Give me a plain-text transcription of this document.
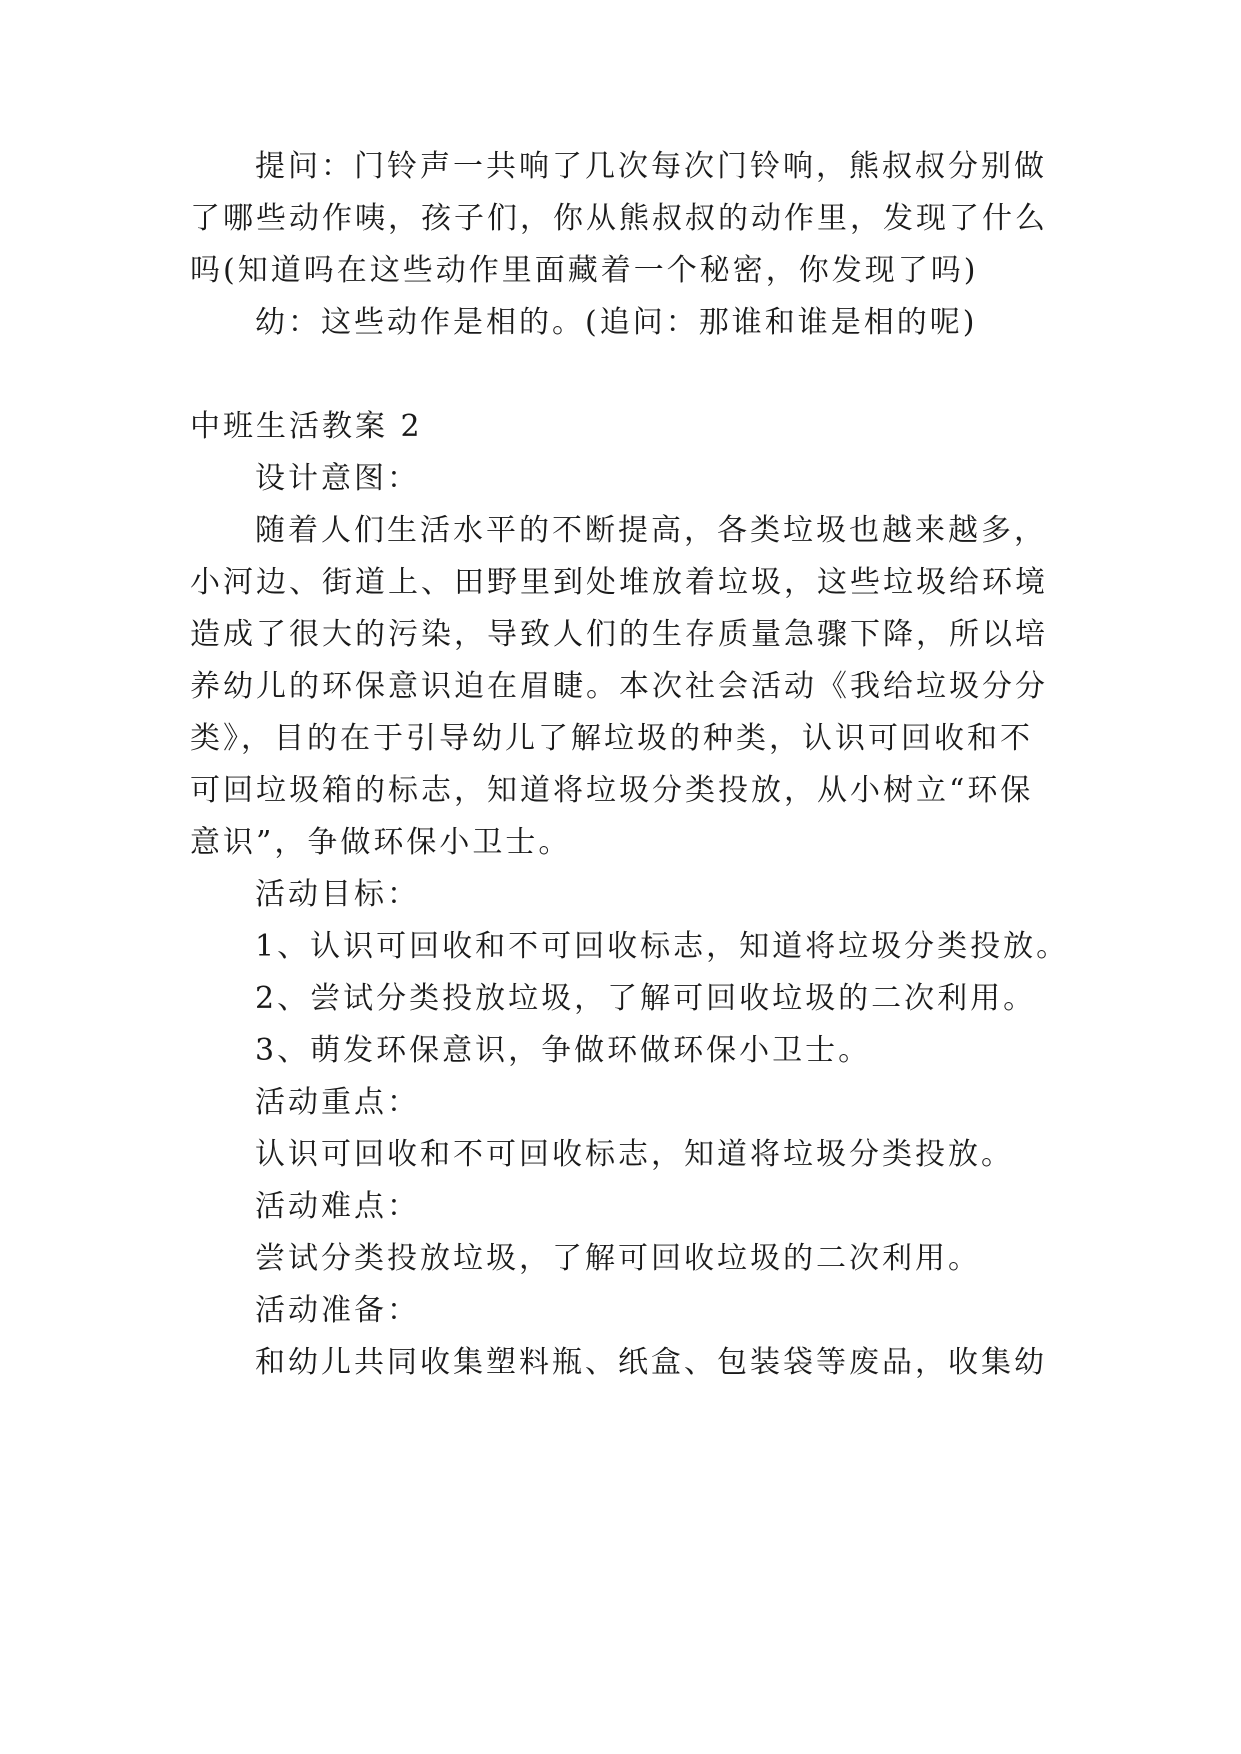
提问：门铃声一共响了几次每次门铃响，熊叔叔分别做
了哪些动作咦，孩子们，你从熊叔叔的动作里，发现了什么
吗(知道吗在这些动作里面藏着一个秘密，你发现了吗)
幼：这些动作是相的。(追问：那谁和谁是相的呢)
中班生活教案 2
设计意图：
随着人们生活水平的不断提高，各类垃圾也越来越多，
小河边、街道上、田野里到处堆放着垃圾，这些垃圾给环境
造成了很大的污染，导致人们的生存质量急骤下降，所以培
养幼儿的环保意识迫在眉睫。本次社会活动《我给垃圾分分
类》，目的在于引导幼儿了解垃圾的种类，认识可回收和不
可回垃圾箱的标志，知道将垃圾分类投放，从小树立“环保
意识”，争做环保小卫士。
活动目标：
1、认识可回收和不可回收标志，知道将垃圾分类投放。
2、尝试分类投放垃圾，了解可回收垃圾的二次利用。
3、萌发环保意识，争做环做环保小卫士。
活动重点：
认识可回收和不可回收标志，知道将垃圾分类投放。
活动难点：
尝试分类投放垃圾，了解可回收垃圾的二次利用。
活动准备：
和幼儿共同收集塑料瓶、纸盒、包装袋等废品，收集幼
